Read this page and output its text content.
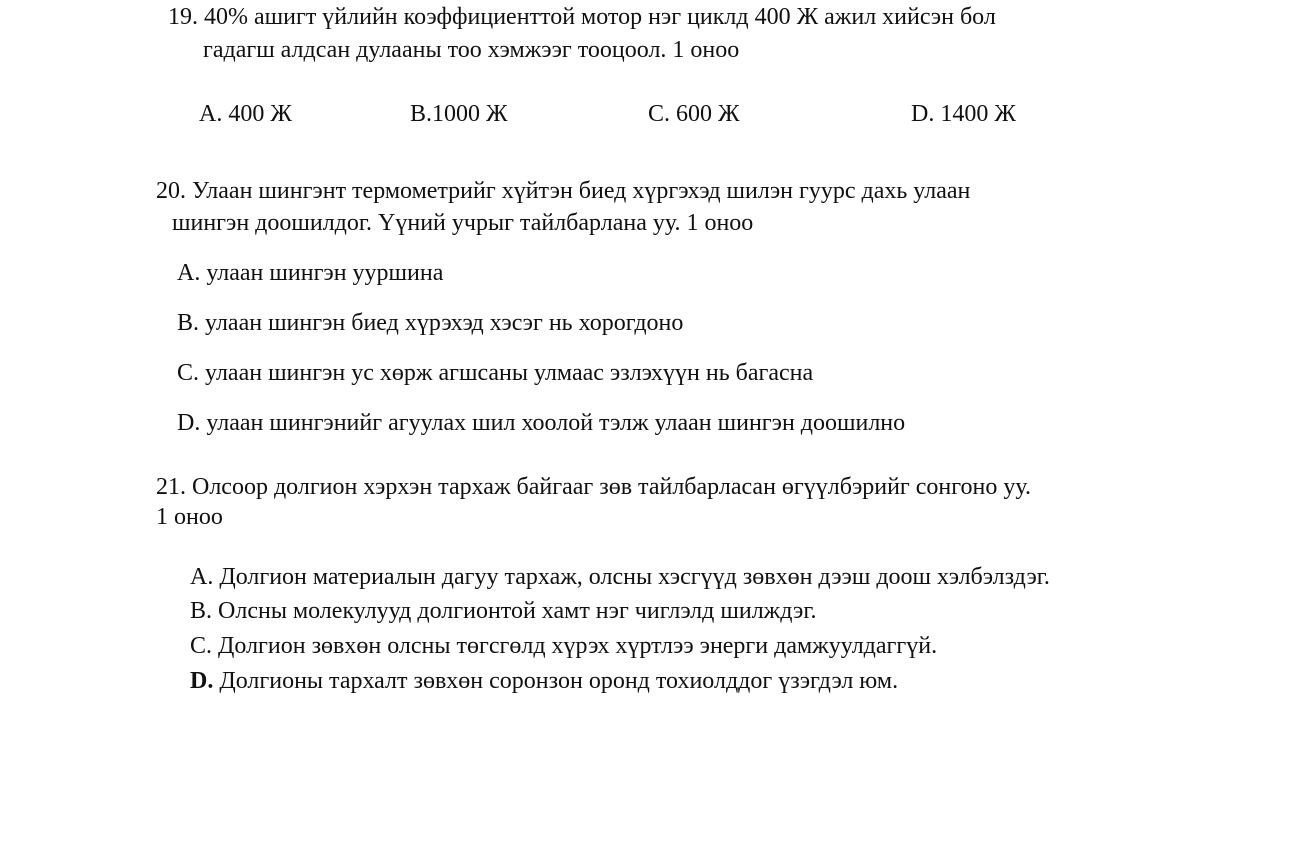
19. 40% ашигт үйлийн коэффициенттой мотор нэг циклд 400 Ж ажил хийсэн бол
гадагш алдсан дулааны тоо хэмжээг тооцоол. 1 оноо
А. 400 Ж	В.1000 Ж	С. 600 Ж	D. 1400 Ж
20. Улаан шингэнт термометрийг хүйтэн биед хүргэхэд шилэн гуурс дахь улаан
шингэн доошилдог. Үүний учрыг тайлбарлана уу. 1 оноо
А. улаан шингэн ууршина
В. улаан шингэн биед хүрэхэд хэсэг нь хорогдоно
С. улаан шингэн ус хөрж агшсаны улмаас эзлэхүүн нь багасна
D. улаан шингэнийг агуулах шил хоолой тэлж улаан шингэн доошилно
21. Олсоор долгион хэрхэн тархаж байгааг зөв тайлбарласан өгүүлбэрийг сонгоно уу.
1 оноо
А. Долгион материалын дагуу тархаж, олсны хэсгүүд зөвхөн дээш доош хэлбэлздэг.
В. Олсны молекулууд долгионтой хамт нэг чиглэлд шилждэг.
С. Долгион зөвхөн олсны төгсгөлд хүрэх хүртлээ энерги дамжуулдаггүй.
D. Долгионы тархалт зөвхөн соронзон оронд тохиолддог үзэгдэл юм.
